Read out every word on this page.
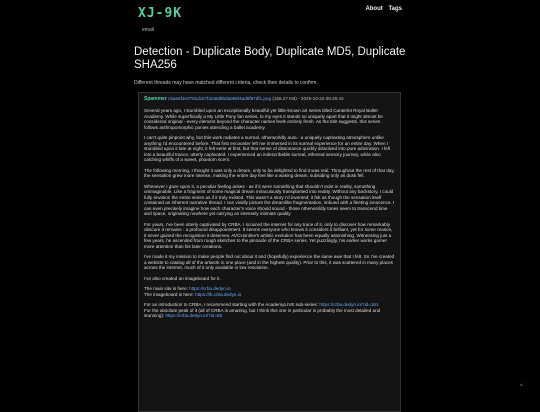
XJ-9K
email
About Tags
Detection - Duplicate Body, Duplicate MD5, Duplicate SHA256
Different threads may have matched different criteria, check their details to confirm.
Spammer c5ae6f2e0781dc67b2a6d9bda085f4ad6f87df1.png (156.27 KB) - 2025-10-24 06:45:43

Several years ago, I stumbled upon an exceptionally beautiful yet little-known art series titled Canterlot Royal Ballet Academy. While superficially a My Little Pony fan series, to my eyes it stands so uniquely apart that it might almost be considered original - every element beyond the character names feels entirely fresh. As the title suggests, this series follows anthropomorphic ponies attending a ballet academy.

I can't quite pinpoint why, but this work radiates a surreal, otherworldly aura - a uniquely captivating atmosphere unlike anything I'd encountered before. That first encounter left me immersed in its surreal experience for an entire day. When I stumbled upon it late at night, it felt eerie at first, but that sense of dissonance quickly dissolved into pure admiration. I fell into a beautiful trance, utterly captivated. I experienced an indescribable surreal, ethereal sensory journey, while also catching whiffs of a sweet, phantom scent.

The following morning, I thought it was only a dream, only to be delighted to find it was real. Throughout the rest of that day, the sensation grew more intense, making the entire day feel like a waking dream, subsiding only as dusk fell.

Whenever I gaze upon it, a peculiar feeling arises - as if it were something that shouldn't exist in reality, something unimaginable. Like a fragment of some magical dream miraculously transplanted into reality. Without any backstory, I could fully envision the entire series as if it truly existed. This wasn't a story I'd invented; it felt as though the sensation itself contained an inherent narrative thread. I can vividly picture the dreamlike fragmentation, imbued with a fleeting innocence. I can even precisely imagine how each character's voice should sound - those otherworldly tones seem to transcend time and space, originating nowhere yet carrying an intensely intimate quality.

For years, I've been utterly captivated by CRBA. I scoured the internet for any trace of it, only to discover how remarkably obscure it remains - a profound disappointment. It seems everyone who knows it considers it brilliant, yet for some reason, it never gained the recognition it deserves. AVCHonline's artistic evolution has been equally astonishing. Witnessing just a few years, he ascended from rough sketches to the pinnacle of the CRBA series. Yet puzzlingly, his earlier works garner more attention than his later creations.

I've made it my mission to make people find out about it and (hopefully) experience the same awe that I felt. So I've created a website to catalog all of the artwork in one place (and in the highest quality). Prior to this, it was scattered in many places across the internet, much of it only available in low resolution.

I've also created an imageboard for it.

The main site is here: https://crba.dedyn.io

The imageboard is here: https://ib.crba.dedyn.io

For an introduction to CRBA, I recommend starting with the AcademyLIVE sub-series: https://crba.dedyn.io/?id=161

For the absolute peak of it (all of CRBA is amazing, but I think this one in particular is probably the most detailed and stunning): https://crba.dedyn.io/?id=68

^
